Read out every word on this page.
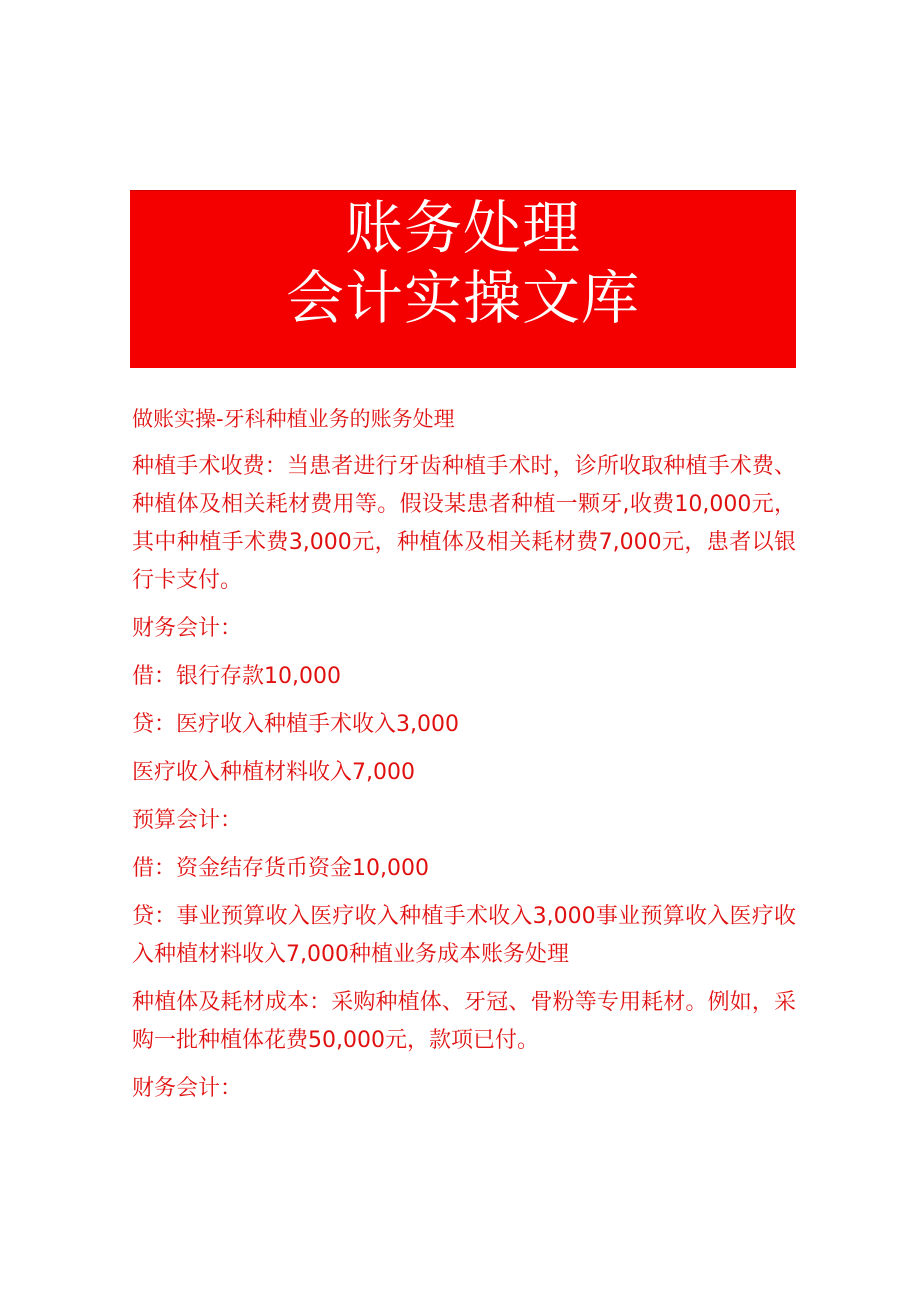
账务处理
会计实操文库

做账实操-牙科种植业务的账务处理

种植手术收费：当患者进行牙齿种植手术时，诊所收取种植手术费、种植体及相关耗材费用等。假设某患者种植一颗牙,收费10,000元，其中种植手术费3,000元，种植体及相关耗材费7,000元，患者以银行卡支付。

财务会计：

借：银行存款10,000

贷：医疗收入种植手术收入3,000

医疗收入种植材料收入7,000

预算会计：

借：资金结存货币资金10,000

贷：事业预算收入医疗收入种植手术收入3,000事业预算收入医疗收入种植材料收入7,000种植业务成本账务处理

种植体及耗材成本：采购种植体、牙冠、骨粉等专用耗材。例如，采购一批种植体花费50,000元，款项已付。

财务会计：
